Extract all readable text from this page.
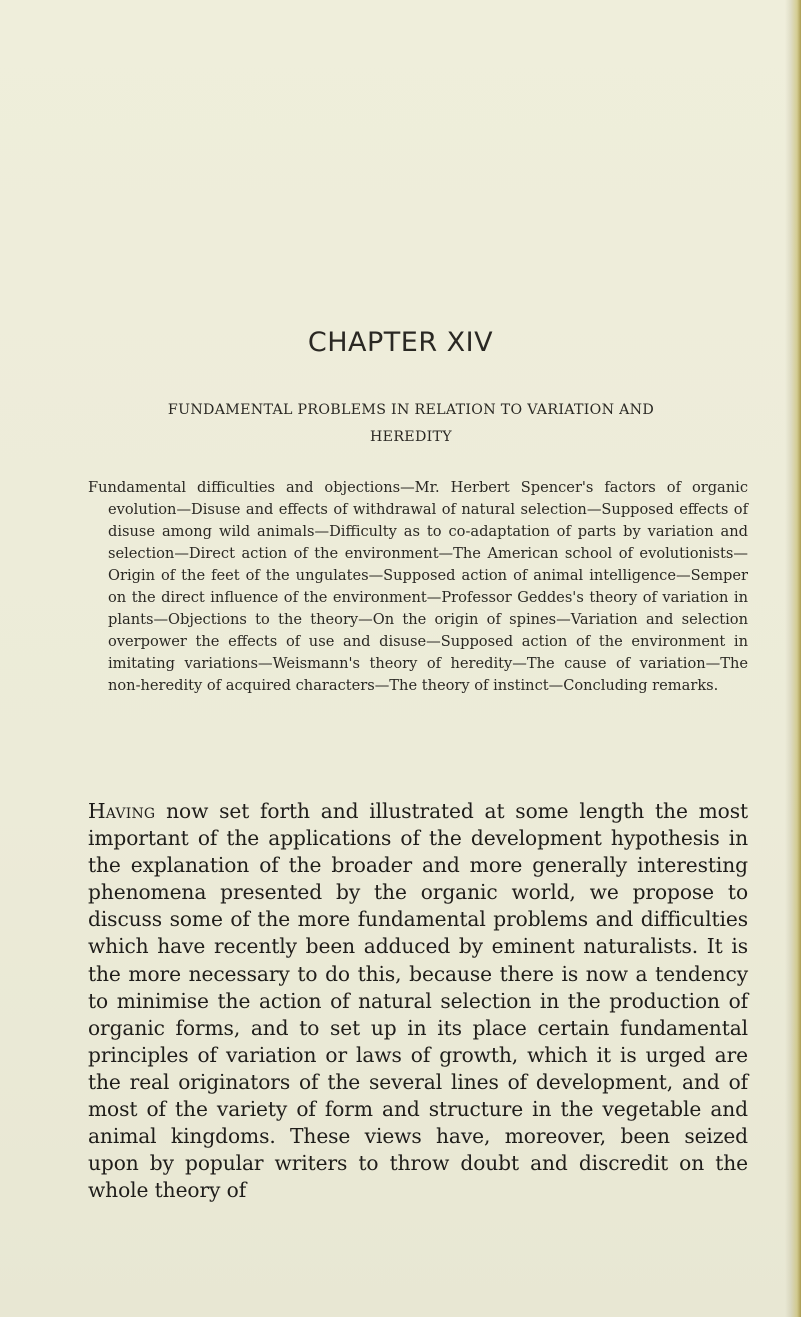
CHAPTER XIV
FUNDAMENTAL PROBLEMS IN RELATION TO VARIATION AND HEREDITY
Fundamental difficulties and objections—Mr. Herbert Spencer's factors of organic evolution—Disuse and effects of withdrawal of natural selection—Supposed effects of disuse among wild animals—Difficulty as to co-adaptation of parts by variation and selection—Direct action of the environment—The American school of evolutionists—Origin of the feet of the ungulates—Supposed action of animal intelligence—Semper on the direct influence of the environment—Professor Geddes's theory of variation in plants—Objections to the theory—On the origin of spines—Variation and selection overpower the effects of use and disuse—Supposed action of the environment in imitating variations—Weismann's theory of heredity—The cause of variation—The non-heredity of acquired characters—The theory of instinct—Concluding remarks.
Having now set forth and illustrated at some length the most important of the applications of the development hypothesis in the explanation of the broader and more generally interesting phenomena presented by the organic world, we propose to discuss some of the more fundamental problems and difficulties which have recently been adduced by eminent naturalists. It is the more necessary to do this, because there is now a tendency to minimise the action of natural selection in the production of organic forms, and to set up in its place certain fundamental principles of variation or laws of growth, which it is urged are the real originators of the several lines of development, and of most of the variety of form and structure in the vegetable and animal kingdoms. These views have, moreover, been seized upon by popular writers to throw doubt and discredit on the whole theory of
